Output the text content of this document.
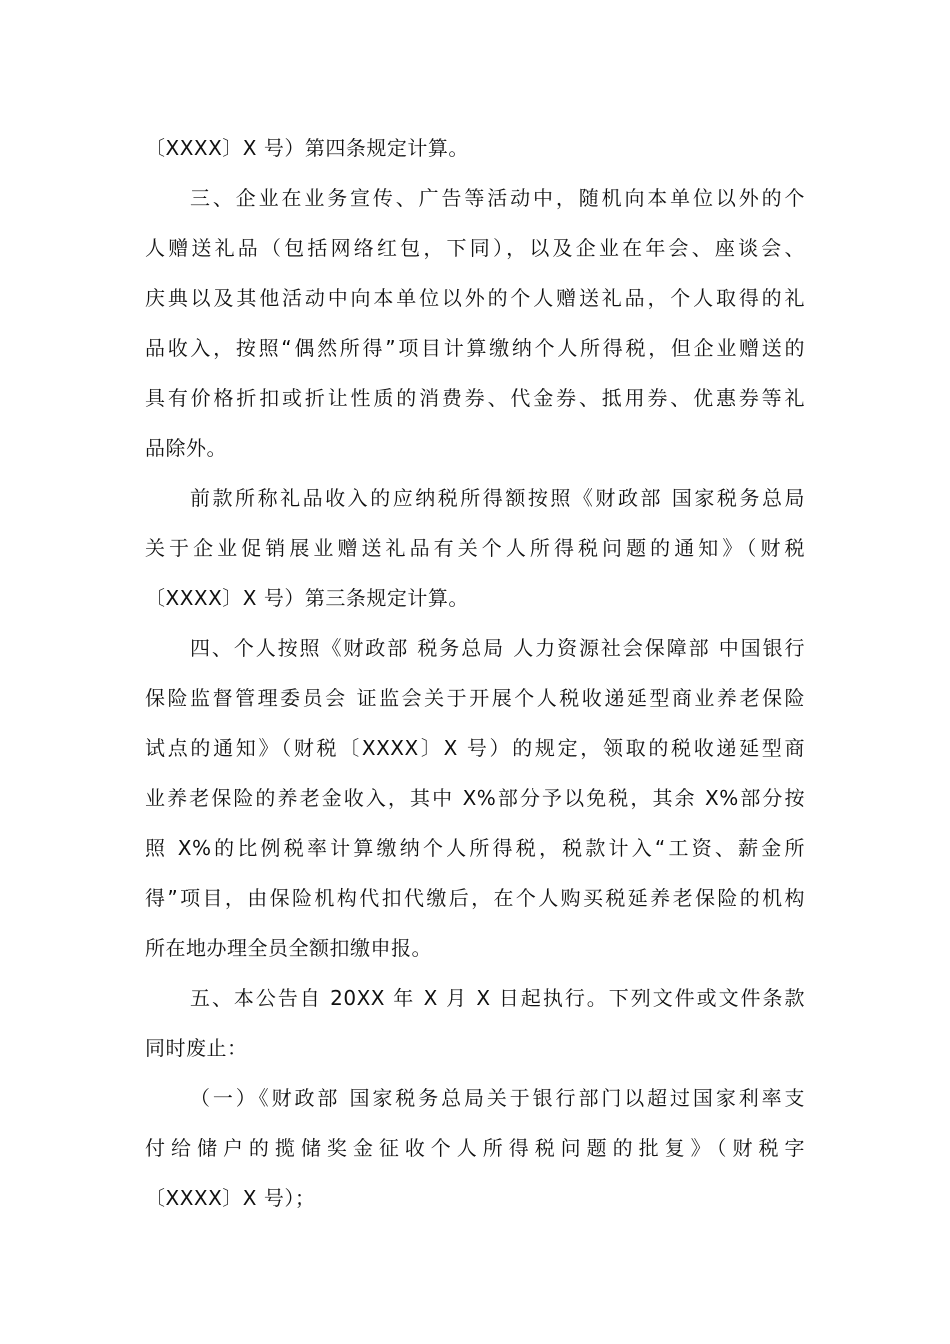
〔XXXX〕X 号）第四条规定计算。
三、企业在业务宣传、广告等活动中，随机向本单位以外的个
人赠送礼品（包括网络红包，下同），以及企业在年会、座谈会、
庆典以及其他活动中向本单位以外的个人赠送礼品，个人取得的礼
品收入，按照“偶然所得”项目计算缴纳个人所得税，但企业赠送的
具有价格折扣或折让性质的消费券、代金券、抵用券、优惠券等礼
品除外。
前款所称礼品收入的应纳税所得额按照《财政部 国家税务总局
关于企业促销展业赠送礼品有关个人所得税问题的通知》（财税
〔XXXX〕X 号）第三条规定计算。
四、个人按照《财政部 税务总局 人力资源社会保障部 中国银行
保险监督管理委员会 证监会关于开展个人税收递延型商业养老保险
试点的通知》（财税〔XXXX〕X 号）的规定，领取的税收递延型商
业养老保险的养老金收入，其中 X%部分予以免税，其余 X%部分按
照 X%的比例税率计算缴纳个人所得税，税款计入“工资、薪金所
得”项目，由保险机构代扣代缴后，在个人购买税延养老保险的机构
所在地办理全员全额扣缴申报。
五、本公告自 20XX 年 X 月 X 日起执行。下列文件或文件条款
同时废止：
（一）《财政部 国家税务总局关于银行部门以超过国家利率支
付给储户的揽储奖金征收个人所得税问题的批复》（财税字
〔XXXX〕X 号）；
